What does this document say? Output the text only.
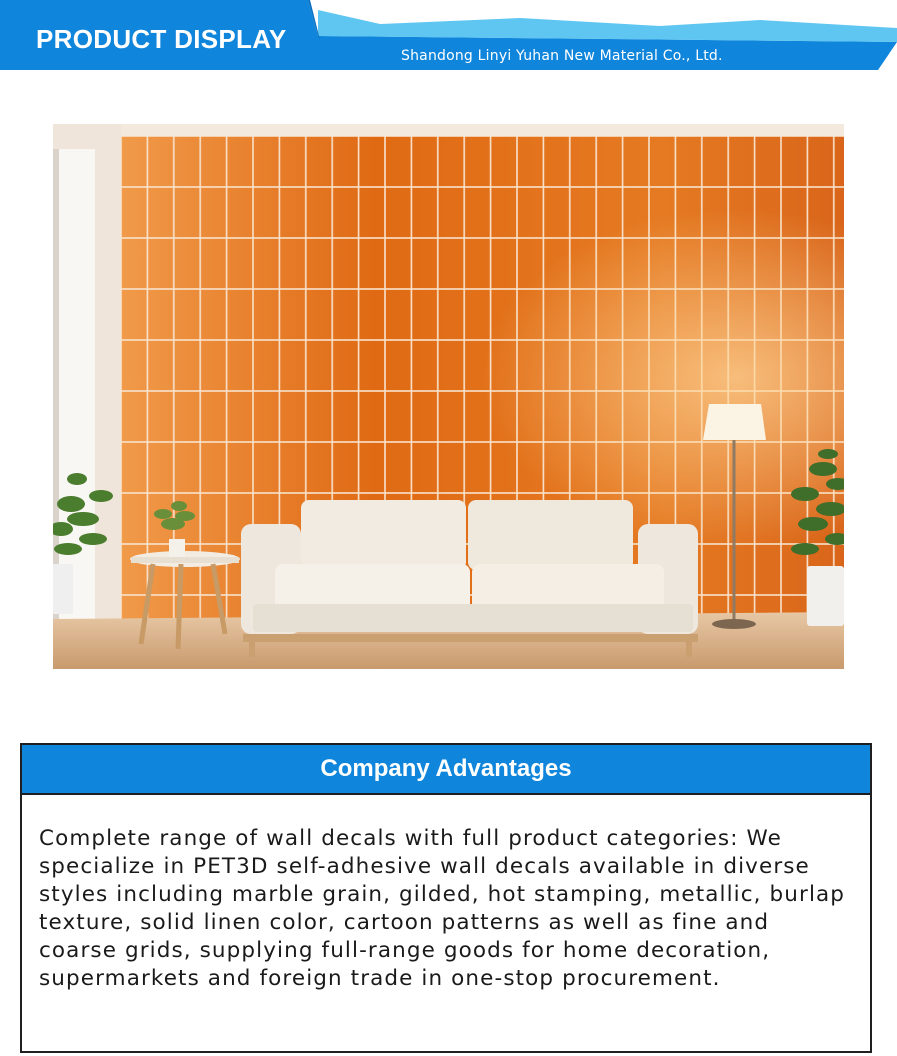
PRODUCT DISPLAY
Shandong Linyi Yuhan New Material Co., Ltd.
Company Advantages

Complete range of wall decals with full product categories: We specialize in PET3D self-adhesive wall decals available in diverse styles including marble grain, gilded, hot stamping, metallic, burlap texture, solid linen color, cartoon patterns as well as fine and coarse grids, supplying full-range goods for home decoration, supermarkets and foreign trade in one-stop procurement.
